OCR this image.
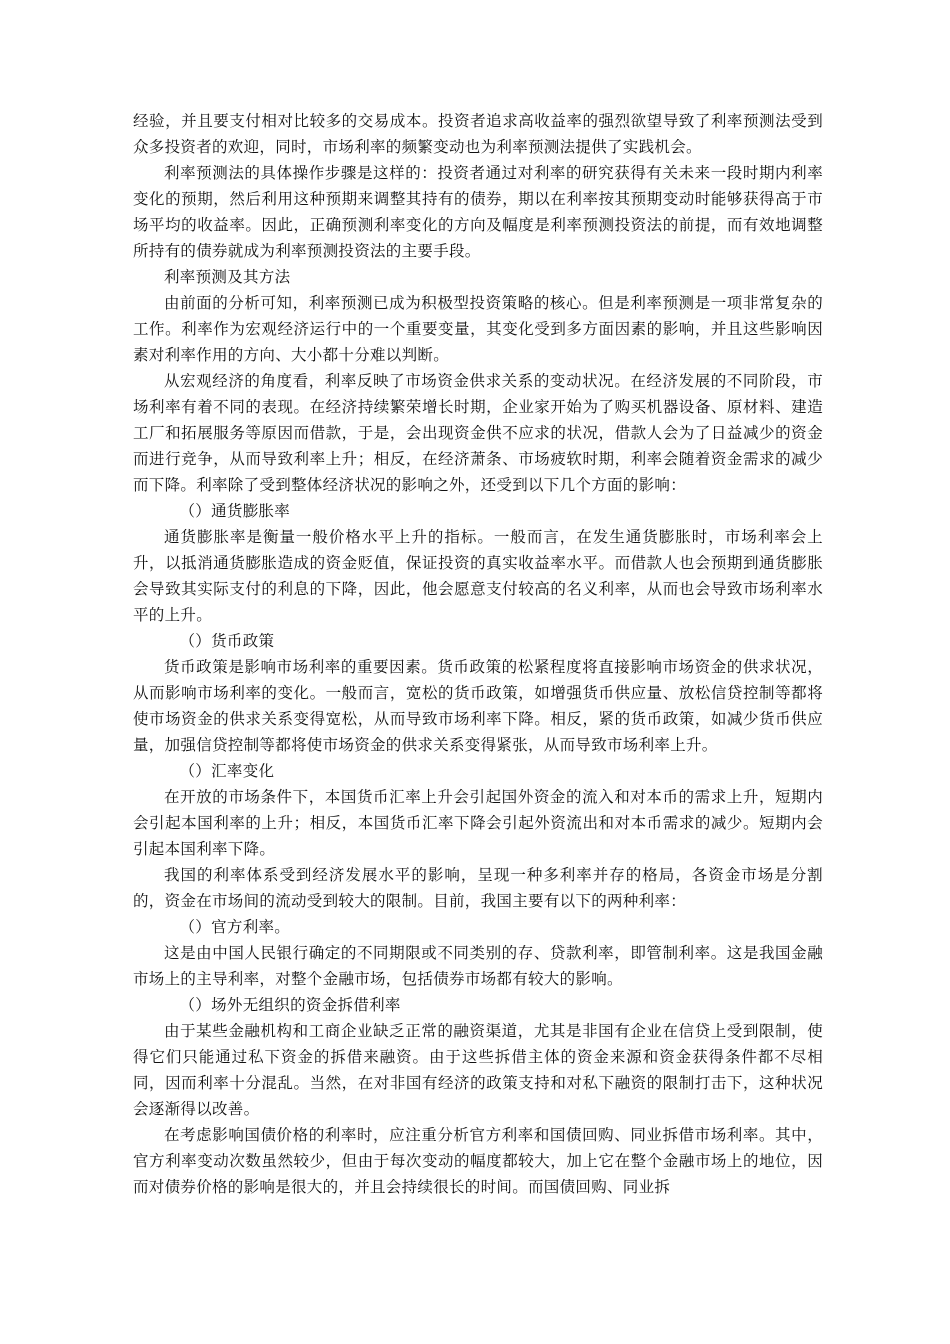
经验，并且要支付相对比较多的交易成本。投资者追求高收益率的强烈欲望导致了利率预测法受到众多投资者的欢迎，同时，市场利率的频繁变动也为利率预测法提供了实践机会。

利率预测法的具体操作步骤是这样的：投资者通过对利率的研究获得有关未来一段时期内利率变化的预期，然后利用这种预期来调整其持有的债券，期以在利率按其预期变动时能够获得高于市场平均的收益率。因此，正确预测利率变化的方向及幅度是利率预测投资法的前提，而有效地调整所持有的债券就成为利率预测投资法的主要手段。

利率预测及其方法

由前面的分析可知，利率预测已成为积极型投资策略的核心。但是利率预测是一项非常复杂的工作。利率作为宏观经济运行中的一个重要变量，其变化受到多方面因素的影响，并且这些影响因素对利率作用的方向、大小都十分难以判断。

从宏观经济的角度看，利率反映了市场资金供求关系的变动状况。在经济发展的不同阶段，市场利率有着不同的表现。在经济持续繁荣增长时期，企业家开始为了购买机器设备、原材料、建造工厂和拓展服务等原因而借款，于是，会出现资金供不应求的状况，借款人会为了日益减少的资金而进行竞争，从而导致利率上升；相反，在经济萧条、市场疲软时期，利率会随着资金需求的减少而下降。利率除了受到整体经济状况的影响之外，还受到以下几个方面的影响：

（）通货膨胀率

通货膨胀率是衡量一般价格水平上升的指标。一般而言，在发生通货膨胀时，市场利率会上升，以抵消通货膨胀造成的资金贬值，保证投资的真实收益率水平。而借款人也会预期到通货膨胀会导致其实际支付的利息的下降，因此，他会愿意支付较高的名义利率，从而也会导致市场利率水平的上升。

（）货币政策

货币政策是影响市场利率的重要因素。货币政策的松紧程度将直接影响市场资金的供求状况，从而影响市场利率的变化。一般而言，宽松的货币政策，如增强货币供应量、放松信贷控制等都将使市场资金的供求关系变得宽松，从而导致市场利率下降。相反，紧的货币政策，如减少货币供应量，加强信贷控制等都将使市场资金的供求关系变得紧张，从而导致市场利率上升。

（）汇率变化

在开放的市场条件下，本国货币汇率上升会引起国外资金的流入和对本币的需求上升，短期内会引起本国利率的上升；相反，本国货币汇率下降会引起外资流出和对本币需求的减少。短期内会引起本国利率下降。

我国的利率体系受到经济发展水平的影响，呈现一种多利率并存的格局，各资金市场是分割的，资金在市场间的流动受到较大的限制。目前，我国主要有以下的两种利率：

（）官方利率。

这是由中国人民银行确定的不同期限或不同类别的存、贷款利率，即管制利率。这是我国金融市场上的主导利率，对整个金融市场，包括债券市场都有较大的影响。

（）场外无组织的资金拆借利率

由于某些金融机构和工商企业缺乏正常的融资渠道，尤其是非国有企业在信贷上受到限制，使得它们只能通过私下资金的拆借来融资。由于这些拆借主体的资金来源和资金获得条件都不尽相同，因而利率十分混乱。当然，在对非国有经济的政策支持和对私下融资的限制打击下，这种状况会逐渐得以改善。

在考虑影响国债价格的利率时，应注重分析官方利率和国债回购、同业拆借市场利率。其中，官方利率变动次数虽然较少，但由于每次变动的幅度都较大，加上它在整个金融市场上的地位，因而对债券价格的影响是很大的，并且会持续很长的时间。而国债回购、同业拆
